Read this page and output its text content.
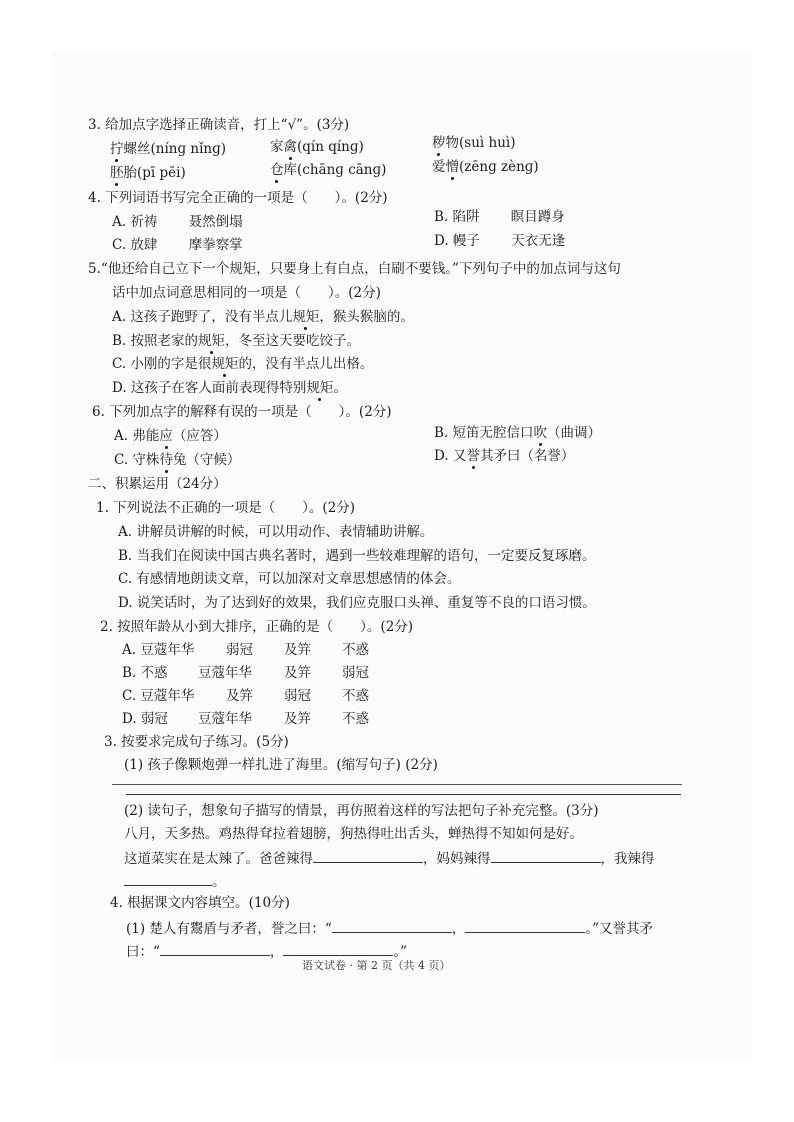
3. 给加点字选择正确读音，打上“√”。(3分)
拧螺丝(nínɡ nǐnɡ)	家禽(qín qínɡ)	秽物(suì huì)
胚胎(pī pēi)	仓库(chānɡ cānɡ)	爱憎(zēnɡ zènɡ)
4. 下列词语书写完全正确的一项是（　　）。(2分)
A. 祈祷　　 聂然倒塌	B. 陷阱　　 瞑目蹲身
C. 放肆　　 摩拳察掌	D. 幔子　　 天衣无逢
5.“他还给自己立下一个规矩，只要身上有白点，白刷不要钱。”下列句子中的加点词与这句
话中加点词意思相同的一项是（　　）。(2分)
A. 这孩子跑野了，没有半点儿规矩，猴头猴脑的。
B. 按照老家的规矩，冬至这天要吃饺子。
C. 小刚的字是很规矩的，没有半点儿出格。
D. 这孩子在客人面前表现得特别规矩。
6. 下列加点字的解释有误的一项是（　　）。(2分)
A. 弗能应（应答）	B. 短笛无腔信口吹（曲调）
C. 守株待兔（守候）	D. 又誉其矛曰（名誉）
二、积累运用（24分）
1. 下列说法不正确的一项是（　　）。(2分)
A. 讲解员讲解的时候，可以用动作、表情辅助讲解。
B. 当我们在阅读中国古典名著时，遇到一些较难理解的语句，一定要反复琢磨。
C. 有感情地朗读文章，可以加深对文章思想感情的体会。
D. 说笑话时，为了达到好的效果，我们应克服口头禅、重复等不良的口语习惯。
2. 按照年龄从小到大排序，正确的是（　　）。(2分)
A. 豆蔻年华 弱冠 及笄 不惑
B. 不惑 豆蔻年华 及笄 弱冠
C. 豆蔻年华 及笄 弱冠 不惑
D. 弱冠 豆蔻年华 及笄 不惑
3. 按要求完成句子练习。(5分)
(1) 孩子像颗炮弹一样扎进了海里。(缩写句子) (2分)
(2) 读句子，想象句子描写的情景，再仿照着这样的写法把句子补充完整。(3分)
八月，天多热。鸡热得耷拉着翅膀，狗热得吐出舌头，蝉热得不知如何是好。
这道菜实在是太辣了。爸爸辣得	，妈妈辣得	，我辣得
。
4. 根据课文内容填空。(10分)
(1) 楚人有鬻盾与矛者，誉之曰：“	，	。”又誉其矛
曰：“	，	。”
语文试卷 · 第 2 页（共 4 页）
